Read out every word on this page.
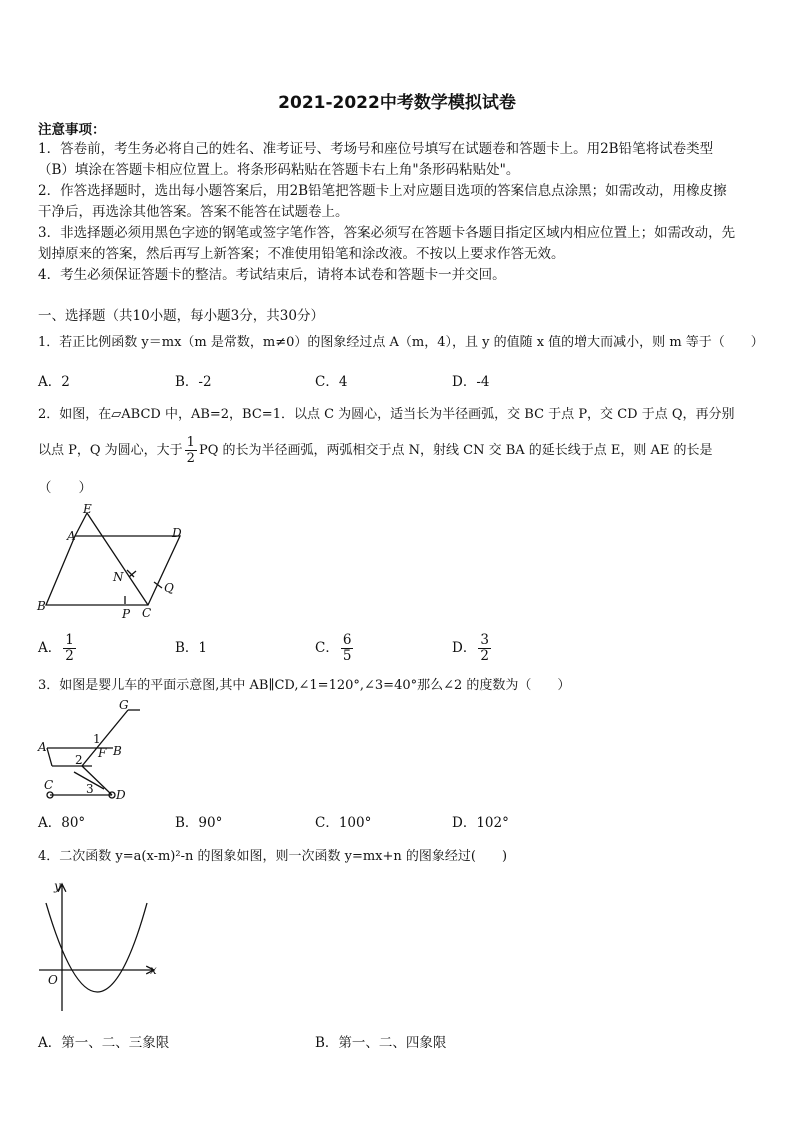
2021-2022中考数学模拟试卷
注意事项：
1．答卷前，考生务必将自己的姓名、准考证号、考场号和座位号填写在试题卷和答题卡上。用2B铅笔将试卷类型
（B）填涂在答题卡相应位置上。将条形码粘贴在答题卡右上角"条形码粘贴处"。
2．作答选择题时，选出每小题答案后，用2B铅笔把答题卡上对应题目选项的答案信息点涂黑；如需改动，用橡皮擦
干净后，再选涂其他答案。答案不能答在试题卷上。
3．非选择题必须用黑色字迹的钢笔或签字笔作答，答案必须写在答题卡各题目指定区域内相应位置上；如需改动，先
划掉原来的答案，然后再写上新答案；不准使用铅笔和涂改液。不按以上要求作答无效。
4．考生必须保证答题卡的整洁。考试结束后，请将本试卷和答题卡一并交回。
一、选择题（共10小题，每小题3分，共30分）
1．若正比例函数 y＝mx（m 是常数，m≠0）的图象经过点 A（m，4），且 y 的值随 x 值的增大而减小，则 m 等于（　　）
A．2	B．-2	C．4	D．-4
2．如图，在▱ABCD 中，AB=2，BC=1．以点 C 为圆心，适当长为半径画弧，交 BC 于点 P，交 CD 于点 Q，再分别
以点 P，Q 为圆心，大于 $\frac{1}{2}$ PQ 的长为半径画弧，两弧相交于点 N，射线 CN 交 BA 的延长线于点 E，则 AE 的长是
（　　）
E
A	D
N
Q
B
P C
A． $\frac{1}{2}$	B．1	C． $\frac{6}{5}$	D． $\frac{3}{2}$
3．如图是婴儿车的平面示意图,其中 AB∥CD,∠1=120°,∠3=40°那么∠2 的度数为（　　）
G
A	B
1
F
2
3
C
D
A．80°	B．90°	C．100°	D．102°
4．二次函数 y=a(x-m)²-n 的图象如图，则一次函数 y=mx+n 的图象经过(　　)
y
x
O
A．第一、二、三象限	B．第一、二、四象限
